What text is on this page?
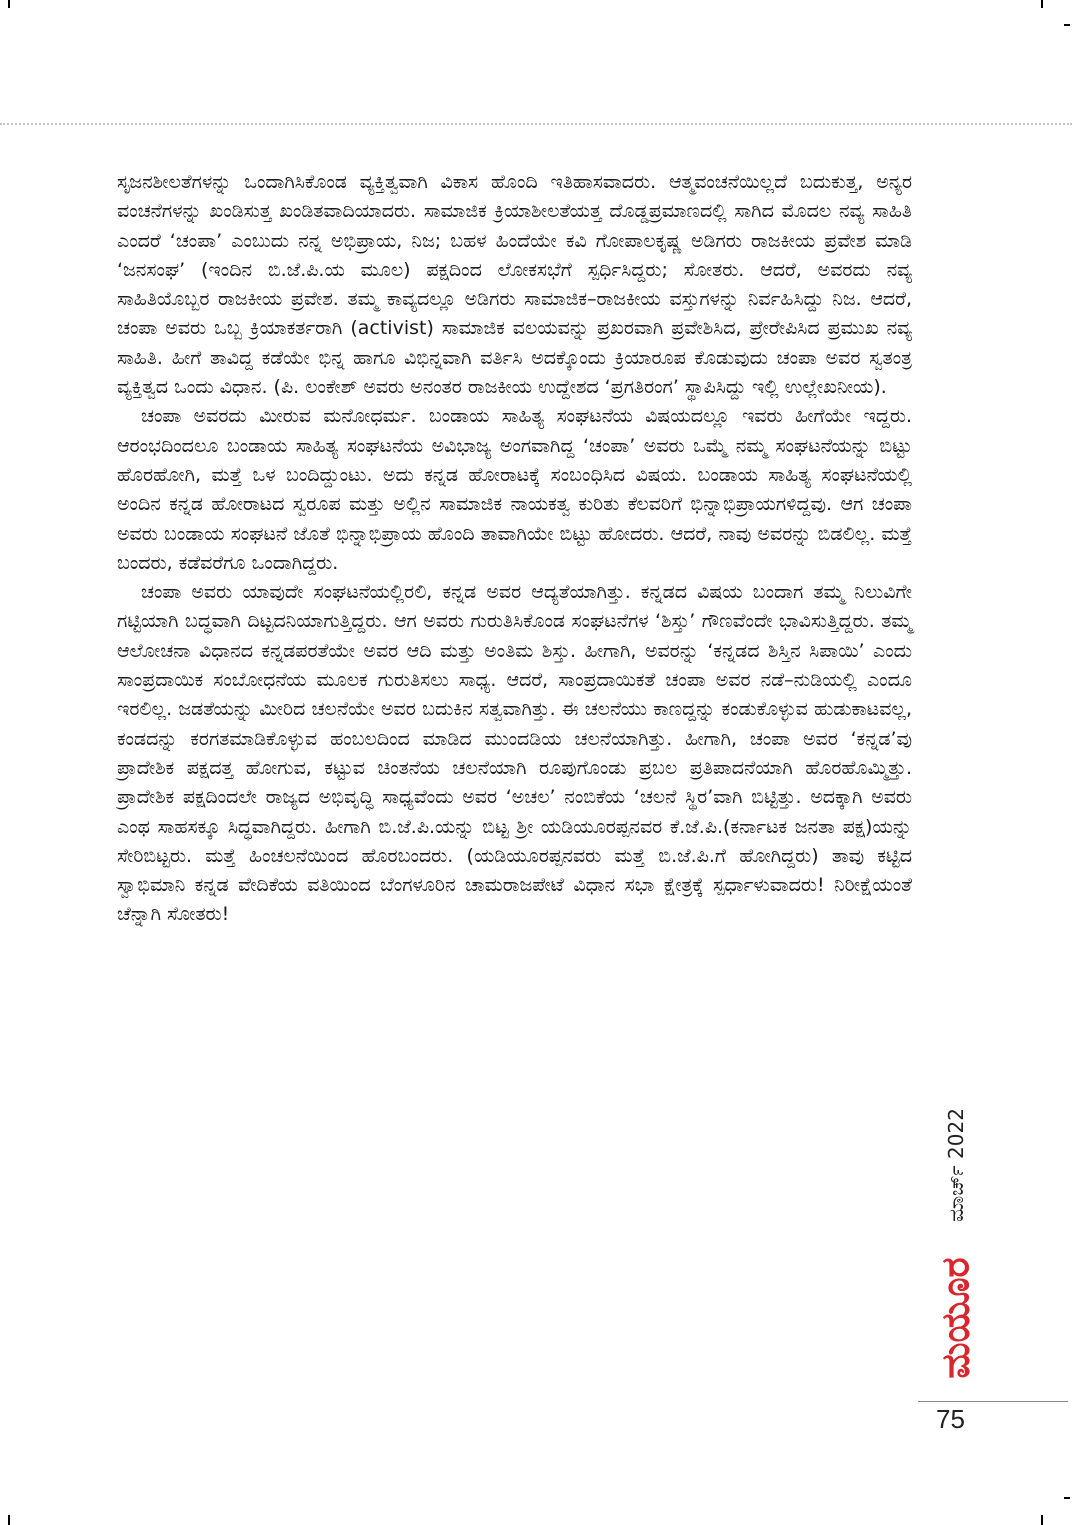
ಸೃಜನಶೀಲತೆಗಳನ್ನು ಒಂದಾಗಿಸಿಕೊಂಡ ವ್ಯಕ್ತಿತ್ವವಾಗಿ ವಿಕಾಸ ಹೊಂದಿ ಇತಿಹಾಸವಾದರು. ಆತ್ಮವಂಚನೆಯಿಲ್ಲದೆ ಬದುಕುತ್ತ, ಅನ್ಯರ ವಂಚನೆಗಳನ್ನು ಖಂಡಿಸುತ್ತ ಖಂಡಿತವಾದಿಯಾದರು. ಸಾಮಾಜಿಕ ಕ್ರಿಯಾಶೀಲತೆಯತ್ತ ದೊಡ್ಡಪ್ರಮಾಣದಲ್ಲಿ ಸಾಗಿದ ಮೊದಲ ನವ್ಯ ಸಾಹಿತಿ ಎಂದರೆ ‘ಚಂಪಾ’ ಎಂಬುದು ನನ್ನ ಅಭಿಪ್ರಾಯ, ನಿಜ; ಬಹಳ ಹಿಂದೆಯೇ ಕವಿ ಗೋಪಾಲಕೃಷ್ಣ ಅಡಿಗರು ರಾಜಕೀಯ ಪ್ರವೇಶ ಮಾಡಿ ‘ಜನಸಂಘ’ (ಇಂದಿನ ಬಿ.ಜೆ.ಪಿ.ಯ ಮೂಲ) ಪಕ್ಷದಿಂದ ಲೋಕಸಭೆಗೆ ಸ್ಪರ್ಧಿಸಿದ್ದರು; ಸೋತರು. ಆದರೆ, ಅವರದು ನವ್ಯ ಸಾಹಿತಿಯೊಬ್ಬರ ರಾಜಕೀಯ ಪ್ರವೇಶ. ತಮ್ಮ ಕಾವ್ಯದಲ್ಲೂ ಅಡಿಗರು ಸಾಮಾಜಿಕ–ರಾಜಕೀಯ ವಸ್ತುಗಳನ್ನು ನಿರ್ವಹಿಸಿದ್ದು ನಿಜ. ಆದರೆ, ಚಂಪಾ ಅವರು ಒಬ್ಬ ಕ್ರಿಯಾಕರ್ತರಾಗಿ (activist) ಸಾಮಾಜಿಕ ವಲಯವನ್ನು ಪ್ರಖರವಾಗಿ ಪ್ರವೇಶಿಸಿದ, ಪ್ರೇರೇಪಿಸಿದ ಪ್ರಮುಖ ನವ್ಯ ಸಾಹಿತಿ. ಹೀಗೆ ತಾವಿದ್ದ ಕಡೆಯೇ ಭಿನ್ನ ಹಾಗೂ ವಿಭಿನ್ನವಾಗಿ ವರ್ತಿಸಿ ಅದಕ್ಕೊಂದು ಕ್ರಿಯಾರೂಪ ಕೊಡುವುದು ಚಂಪಾ ಅವರ ಸ್ವತಂತ್ರ ವ್ಯಕ್ತಿತ್ವದ ಒಂದು ವಿಧಾನ. (ಪಿ. ಲಂಕೇಶ್ ಅವರು ಅನಂತರ ರಾಜಕೀಯ ಉದ್ದೇಶದ ‘ಪ್ರಗತಿರಂಗ’ ಸ್ಥಾಪಿಸಿದ್ದು ಇಲ್ಲಿ ಉಲ್ಲೇಖನೀಯ).

ಚಂಪಾ ಅವರದು ಮೀರುವ ಮನೋಧರ್ಮ. ಬಂಡಾಯ ಸಾಹಿತ್ಯ ಸಂಘಟನೆಯ ವಿಷಯದಲ್ಲೂ ಇವರು ಹೀಗೆಯೇ ಇದ್ದರು. ಆರಂಭದಿಂದಲೂ ಬಂಡಾಯ ಸಾಹಿತ್ಯ ಸಂಘಟನೆಯ ಅವಿಭಾಜ್ಯ ಅಂಗವಾಗಿದ್ದ ‘ಚಂಪಾ’ ಅವರು ಒಮ್ಮೆ ನಮ್ಮ ಸಂಘಟನೆಯನ್ನು ಬಿಟ್ಟು ಹೊರಹೋಗಿ, ಮತ್ತೆ ಒಳ ಬಂದಿದ್ದುಂಟು. ಅದು ಕನ್ನಡ ಹೋರಾಟಕ್ಕೆ ಸಂಬಂಧಿಸಿದ ವಿಷಯ. ಬಂಡಾಯ ಸಾಹಿತ್ಯ ಸಂಘಟನೆಯಲ್ಲಿ ಅಂದಿನ ಕನ್ನಡ ಹೋರಾಟದ ಸ್ವರೂಪ ಮತ್ತು ಅಲ್ಲಿನ ಸಾಮಾಜಿಕ ನಾಯಕತ್ವ ಕುರಿತು ಕೆಲವರಿಗೆ ಭಿನ್ನಾಭಿಪ್ರಾಯಗಳಿದ್ದವು. ಆಗ ಚಂಪಾ ಅವರು ಬಂಡಾಯ ಸಂಘಟನೆ ಜೊತೆ ಭಿನ್ನಾಭಿಪ್ರಾಯ ಹೊಂದಿ ತಾವಾಗಿಯೇ ಬಿಟ್ಟು ಹೋದರು. ಆದರೆ, ನಾವು ಅವರನ್ನು ಬಿಡಲಿಲ್ಲ. ಮತ್ತೆ ಬಂದರು, ಕಡೆವರೆಗೂ ಒಂದಾಗಿದ್ದರು.

ಚಂಪಾ ಅವರು ಯಾವುದೇ ಸಂಘಟನೆಯಲ್ಲಿರಲಿ, ಕನ್ನಡ ಅವರ ಆದ್ಯತೆಯಾಗಿತ್ತು. ಕನ್ನಡದ ವಿಷಯ ಬಂದಾಗ ತಮ್ಮ ನಿಲುವಿಗೇ ಗಟ್ಟಿಯಾಗಿ ಬದ್ಧವಾಗಿ ದಿಟ್ಟದನಿಯಾಗುತ್ತಿದ್ದರು. ಆಗ ಅವರು ಗುರುತಿಸಿಕೊಂಡ ಸಂಘಟನೆಗಳ ‘ಶಿಸ್ತು’ ಗೌಣವೆಂದೇ ಭಾವಿಸುತ್ತಿದ್ದರು. ತಮ್ಮ ಆಲೋಚನಾ ವಿಧಾನದ ಕನ್ನಡಪರತೆಯೇ ಅವರ ಆದಿ ಮತ್ತು ಅಂತಿಮ ಶಿಸ್ತು. ಹೀಗಾಗಿ, ಅವರನ್ನು ‘ಕನ್ನಡದ ಶಿಸ್ತಿನ ಸಿಪಾಯಿ’ ಎಂದು ಸಾಂಪ್ರದಾಯಿಕ ಸಂಬೋಧನೆಯ ಮೂಲಕ ಗುರುತಿಸಲು ಸಾಧ್ಯ. ಆದರೆ, ಸಾಂಪ್ರದಾಯಿಕತೆ ಚಂಪಾ ಅವರ ನಡೆ–ನುಡಿಯಲ್ಲಿ ಎಂದೂ ಇರಲಿಲ್ಲ. ಜಡತೆಯನ್ನು ಮೀರಿದ ಚಲನೆಯೇ ಅವರ ಬದುಕಿನ ಸತ್ವವಾಗಿತ್ತು. ಈ ಚಲನೆಯು ಕಾಣದ್ದನ್ನು ಕಂಡುಕೊಳ್ಳುವ ಹುಡುಕಾಟವಲ್ಲ, ಕಂಡದನ್ನು ಕರಗತಮಾಡಿಕೊಳ್ಳುವ ಹಂಬಲದಿಂದ ಮಾಡಿದ ಮುಂದಡಿಯ ಚಲನೆಯಾಗಿತ್ತು. ಹೀಗಾಗಿ, ಚಂಪಾ ಅವರ ‘ಕನ್ನಡ’ವು ಪ್ರಾದೇಶಿಕ ಪಕ್ಷದತ್ತ ಹೋಗುವ, ಕಟ್ಟುವ ಚಿಂತನೆಯ ಚಲನೆಯಾಗಿ ರೂಪುಗೊಂಡು ಪ್ರಬಲ ಪ್ರತಿಪಾದನೆಯಾಗಿ ಹೊರಹೊಮ್ಮಿತ್ತು. ಪ್ರಾದೇಶಿಕ ಪಕ್ಷದಿಂದಲೇ ರಾಜ್ಯದ ಅಭಿವೃದ್ಧಿ ಸಾಧ್ಯವೆಂದು ಅವರ ‘ಅಚಲ’ ನಂಬಿಕೆಯ ‘ಚಲನೆ ಸ್ಥಿರ’ವಾಗಿ ಬಿಟ್ಟಿತ್ತು. ಅದಕ್ಕಾಗಿ ಅವರು ಎಂಥ ಸಾಹಸಕ್ಕೂ ಸಿದ್ಧವಾಗಿದ್ದರು. ಹೀಗಾಗಿ ಬಿ.ಜೆ.ಪಿ.ಯನ್ನು ಬಿಟ್ಟ ಶ್ರೀ ಯಡಿಯೂರಪ್ಪನವರ ಕೆ.ಜೆ.ಪಿ.(ಕರ್ನಾಟಕ ಜನತಾ ಪಕ್ಷ)ಯನ್ನು ಸೇರಿಬಿಟ್ಟರು. ಮತ್ತೆ ಹಿಂಚಲನೆಯಿಂದ ಹೊರಬಂದರು. (ಯಡಿಯೂರಪ್ಪನವರು ಮತ್ತೆ ಬಿ.ಜೆ.ಪಿ.ಗೆ ಹೋಗಿದ್ದರು) ತಾವು ಕಟ್ಟಿದ ಸ್ವಾಭಿಮಾನಿ ಕನ್ನಡ ವೇದಿಕೆಯ ವತಿಯಿಂದ ಬೆಂಗಳೂರಿನ ಚಾಮರಾಜಪೇಟೆ ವಿಧಾನ ಸಭಾ ಕ್ಷೇತ್ರಕ್ಕೆ ಸ್ಪರ್ಧಾಳುವಾದರು! ನಿರೀಕ್ಷೆಯಂತೆ ಚೆನ್ನಾಗಿ ಸೋತರು!

ಮಾರ್ಚ್ 2022
ಮಯೂರ
75
